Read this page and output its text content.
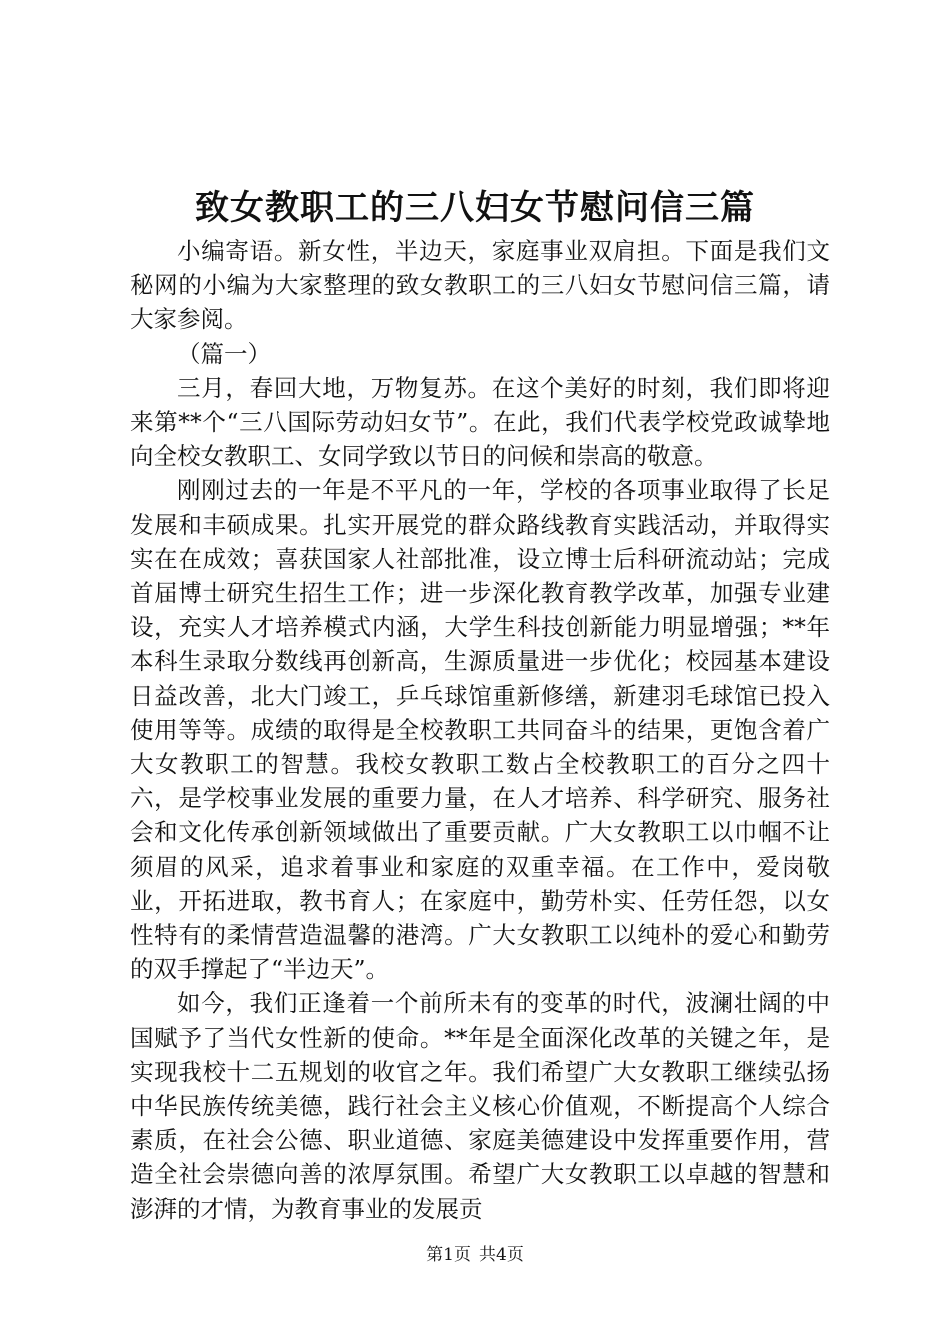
致女教职工的三八妇女节慰问信三篇

小编寄语。新女性，半边天，家庭事业双肩担。下面是我们文秘网的小编为大家整理的致女教职工的三八妇女节慰问信三篇，请大家参阅。

（篇一）

三月，春回大地，万物复苏。在这个美好的时刻，我们即将迎来第**个“三八国际劳动妇女节”。在此，我们代表学校党政诚挚地向全校女教职工、女同学致以节日的问候和崇高的敬意。

刚刚过去的一年是不平凡的一年，学校的各项事业取得了长足发展和丰硕成果。扎实开展党的群众路线教育实践活动，并取得实实在在成效；喜获国家人社部批准，设立博士后科研流动站；完成首届博士研究生招生工作；进一步深化教育教学改革，加强专业建设，充实人才培养模式内涵，大学生科技创新能力明显增强；**年本科生录取分数线再创新高，生源质量进一步优化；校园基本建设日益改善，北大门竣工，乒乓球馆重新修缮，新建羽毛球馆已投入使用等等。成绩的取得是全校教职工共同奋斗的结果，更饱含着广大女教职工的智慧。我校女教职工数占全校教职工的百分之四十六，是学校事业发展的重要力量，在人才培养、科学研究、服务社会和文化传承创新领域做出了重要贡献。广大女教职工以巾帼不让须眉的风采，追求着事业和家庭的双重幸福。在工作中，爱岗敬业，开拓进取，教书育人；在家庭中，勤劳朴实、任劳任怨，以女性特有的柔情营造温馨的港湾。广大女教职工以纯朴的爱心和勤劳的双手撑起了“半边天”。

如今，我们正逢着一个前所未有的变革的时代，波澜壮阔的中国赋予了当代女性新的使命。**年是全面深化改革的关键之年，是实现我校十二五规划的收官之年。我们希望广大女教职工继续弘扬中华民族传统美德，践行社会主义核心价值观，不断提高个人综合素质，在社会公德、职业道德、家庭美德建设中发挥重要作用，营造全社会崇德向善的浓厚氛围。希望广大女教职工以卓越的智慧和澎湃的才情，为教育事业的发展贡

第1页 共4页
